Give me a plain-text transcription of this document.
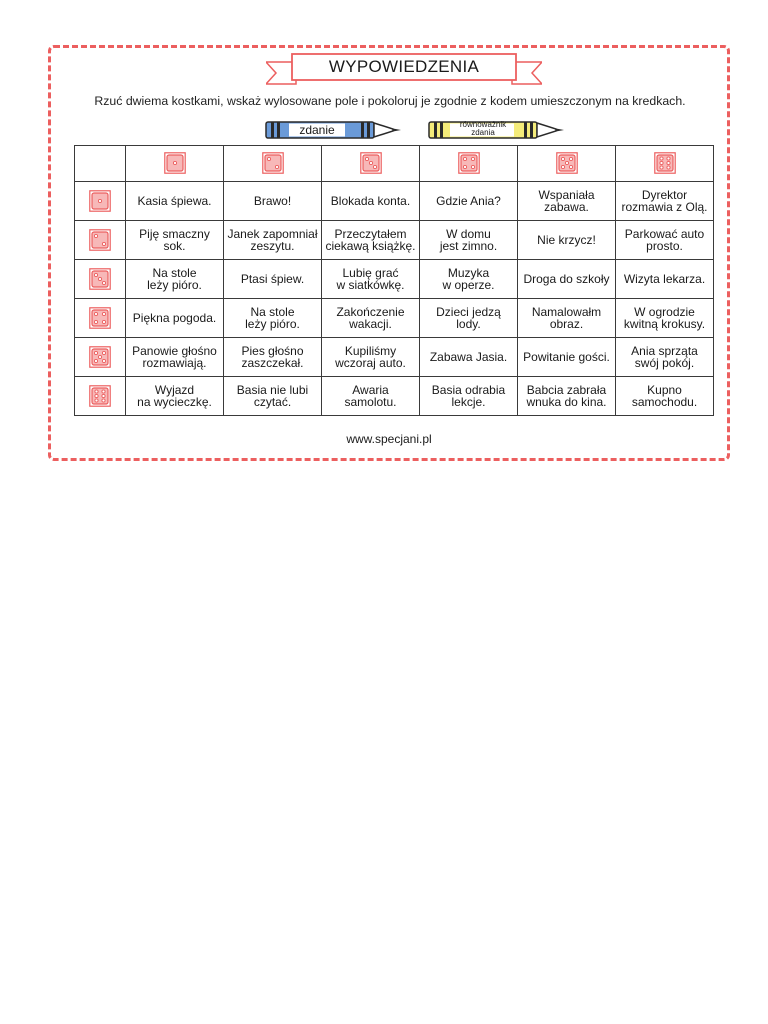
WYPOWIEDZENIA
Rzuć dwiema kostkami, wskaż wylosowane pole i pokoloruj je zgodnie z kodem umieszczonym na kredkach.
zdanie	równoważnik
zdania

	Kasia śpiewa.	Brawo!	Blokada konta.	Gdzie Ania?	Wspaniała
zabawa.	Dyrektor
rozmawia z Olą.
	Piję smaczny
sok.	Janek zapomniał
zeszytu.	Przeczytałem
ciekawą książkę.	W domu
jest zimno.	Nie krzycz!	Parkować auto
prosto.
	Na stole
leży pióro.	Ptasi śpiew.	Lubię grać
w siatkówkę.	Muzyka
w operze.	Droga do szkoły	Wizyta lekarza.
	Piękna pogoda.	Na stole
leży pióro.	Zakończenie
wakacji.	Dzieci jedzą
lody.	Namalowałm
obraz.	W ogrodzie
kwitną krokusy.
	Panowie głośno
rozmawiają.	Pies głośno
zaszczekał.	Kupiliśmy
wczoraj auto.	Zabawa Jasia.	Powitanie gości.	Ania sprząta
swój pokój.
	Wyjazd
na wycieczkę.	Basia nie lubi
czytać.	Awaria
samolotu.	Basia odrabia
lekcje.	Babcia zabrała
wnuka do kina.	Kupno
samochodu.
www.specjani.pl
